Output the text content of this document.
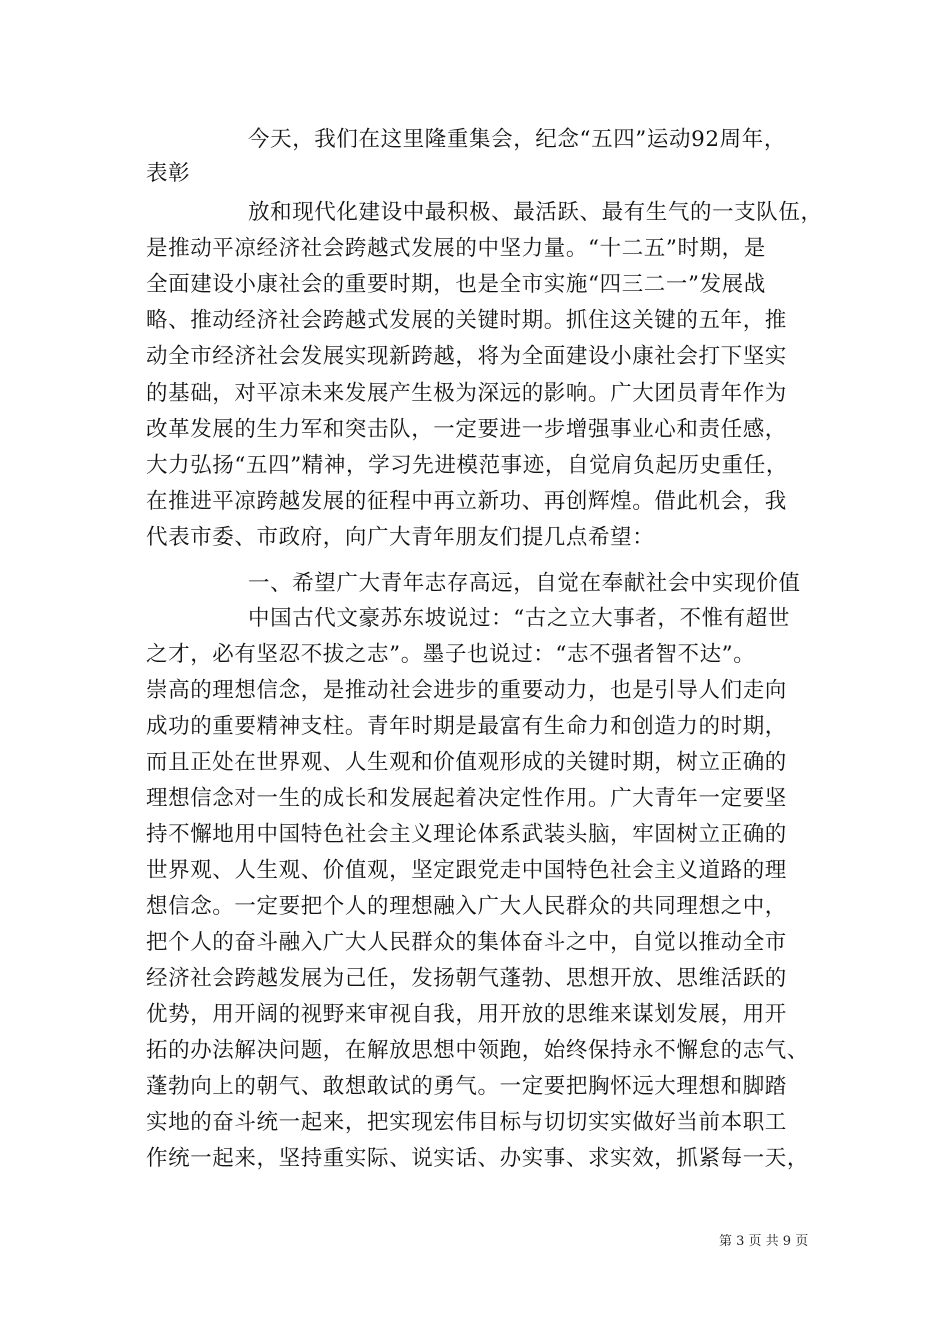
今天，我们在这里隆重集会，纪念“五四”运动92周年，
表彰
放和现代化建设中最积极、最活跃、最有生气的一支队伍，
是推动平凉经济社会跨越式发展的中坚力量。“十二五”时期，是
全面建设小康社会的重要时期，也是全市实施“四三二一”发展战
略、推动经济社会跨越式发展的关键时期。抓住这关键的五年，推
动全市经济社会发展实现新跨越，将为全面建设小康社会打下坚实
的基础，对平凉未来发展产生极为深远的影响。广大团员青年作为
改革发展的生力军和突击队，一定要进一步增强事业心和责任感，
大力弘扬“五四”精神，学习先进模范事迹，自觉肩负起历史重任，
在推进平凉跨越发展的征程中再立新功、再创辉煌。借此机会，我
代表市委、市政府，向广大青年朋友们提几点希望：
一、希望广大青年志存高远，自觉在奉献社会中实现价值
中国古代文豪苏东坡说过：“古之立大事者，不惟有超世
之才，必有坚忍不拔之志”。墨子也说过：“志不强者智不达”。
崇高的理想信念，是推动社会进步的重要动力，也是引导人们走向
成功的重要精神支柱。青年时期是最富有生命力和创造力的时期，
而且正处在世界观、人生观和价值观形成的关键时期，树立正确的
理想信念对一生的成长和发展起着决定性作用。广大青年一定要坚
持不懈地用中国特色社会主义理论体系武装头脑，牢固树立正确的
世界观、人生观、价值观，坚定跟党走中国特色社会主义道路的理
想信念。一定要把个人的理想融入广大人民群众的共同理想之中，
把个人的奋斗融入广大人民群众的集体奋斗之中，自觉以推动全市
经济社会跨越发展为己任，发扬朝气蓬勃、思想开放、思维活跃的
优势，用开阔的视野来审视自我，用开放的思维来谋划发展，用开
拓的办法解决问题，在解放思想中领跑，始终保持永不懈怠的志气、
蓬勃向上的朝气、敢想敢试的勇气。一定要把胸怀远大理想和脚踏
实地的奋斗统一起来，把实现宏伟目标与切切实实做好当前本职工
作统一起来，坚持重实际、说实话、办实事、求实效，抓紧每一天，
第 3 页 共 9 页
